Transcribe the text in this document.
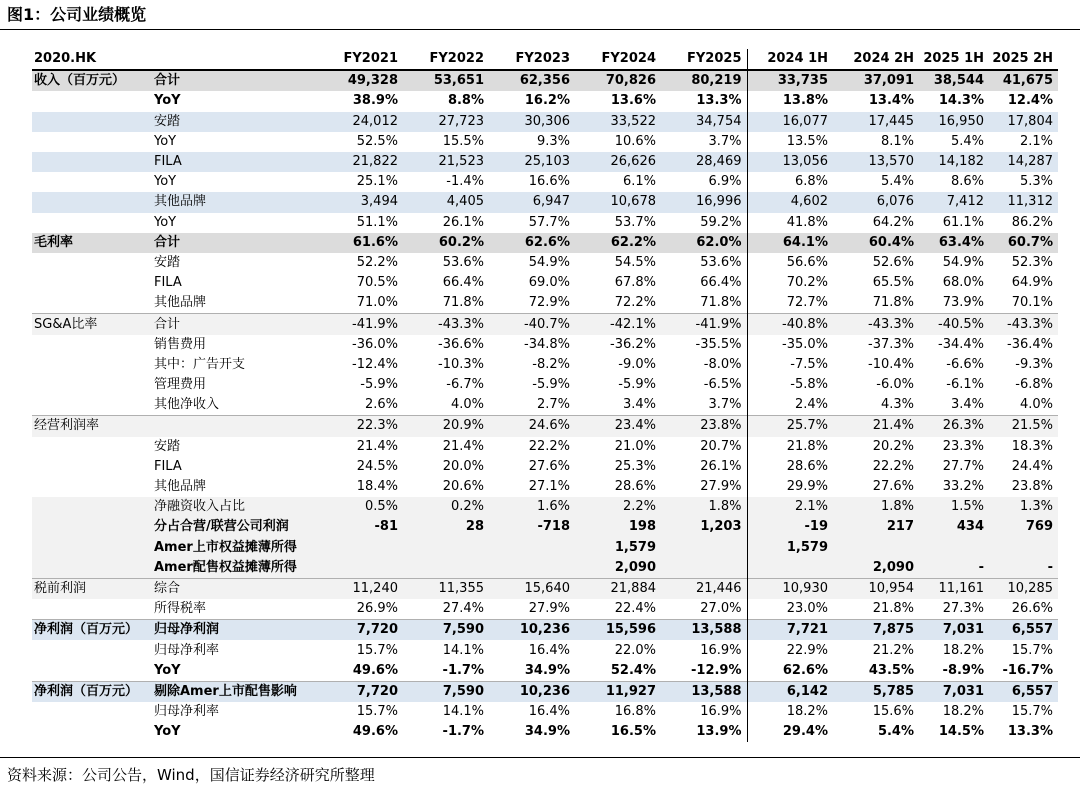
图1：公司业绩概览
2020.HK		FY2021	FY2022	FY2023	FY2024	FY2025	2024 1H	2024 2H	2025 1H	2025 2H
收入（百万元）	合计	49,328	53,651	62,356	70,826	80,219	33,735	37,091	38,544	41,675
	YoY	38.9%	8.8%	16.2%	13.6%	13.3%	13.8%	13.4%	14.3%	12.4%
	安踏	24,012	27,723	30,306	33,522	34,754	16,077	17,445	16,950	17,804
	YoY	52.5%	15.5%	9.3%	10.6%	3.7%	13.5%	8.1%	5.4%	2.1%
	FILA	21,822	21,523	25,103	26,626	28,469	13,056	13,570	14,182	14,287
	YoY	25.1%	-1.4%	16.6%	6.1%	6.9%	6.8%	5.4%	8.6%	5.3%
	其他品牌	3,494	4,405	6,947	10,678	16,996	4,602	6,076	7,412	11,312
	YoY	51.1%	26.1%	57.7%	53.7%	59.2%	41.8%	64.2%	61.1%	86.2%
毛利率	合计	61.6%	60.2%	62.6%	62.2%	62.0%	64.1%	60.4%	63.4%	60.7%
	安踏	52.2%	53.6%	54.9%	54.5%	53.6%	56.6%	52.6%	54.9%	52.3%
	FILA	70.5%	66.4%	69.0%	67.8%	66.4%	70.2%	65.5%	68.0%	64.9%
	其他品牌	71.0%	71.8%	72.9%	72.2%	71.8%	72.7%	71.8%	73.9%	70.1%
SG&A比率	合计	-41.9%	-43.3%	-40.7%	-42.1%	-41.9%	-40.8%	-43.3%	-40.5%	-43.3%
	销售费用	-36.0%	-36.6%	-34.8%	-36.2%	-35.5%	-35.0%	-37.3%	-34.4%	-36.4%
	其中：广告开支	-12.4%	-10.3%	-8.2%	-9.0%	-8.0%	-7.5%	-10.4%	-6.6%	-9.3%
	管理费用	-5.9%	-6.7%	-5.9%	-5.9%	-6.5%	-5.8%	-6.0%	-6.1%	-6.8%
	其他净收入	2.6%	4.0%	2.7%	3.4%	3.7%	2.4%	4.3%	3.4%	4.0%
经营利润率		22.3%	20.9%	24.6%	23.4%	23.8%	25.7%	21.4%	26.3%	21.5%
	安踏	21.4%	21.4%	22.2%	21.0%	20.7%	21.8%	20.2%	23.3%	18.3%
	FILA	24.5%	20.0%	27.6%	25.3%	26.1%	28.6%	22.2%	27.7%	24.4%
	其他品牌	18.4%	20.6%	27.1%	28.6%	27.9%	29.9%	27.6%	33.2%	23.8%
	净融资收入占比	0.5%	0.2%	1.6%	2.2%	1.8%	2.1%	1.8%	1.5%	1.3%
	分占合营/联营公司利润	-81	28	-718	198	1,203	-19	217	434	769
	Amer上市权益摊薄所得				1,579		1,579			
	Amer配售权益摊薄所得				2,090			2,090	-	-
税前利润	综合	11,240	11,355	15,640	21,884	21,446	10,930	10,954	11,161	10,285
	所得税率	26.9%	27.4%	27.9%	22.4%	27.0%	23.0%	21.8%	27.3%	26.6%
净利润（百万元）	归母净利润	7,720	7,590	10,236	15,596	13,588	7,721	7,875	7,031	6,557
	归母净利率	15.7%	14.1%	16.4%	22.0%	16.9%	22.9%	21.2%	18.2%	15.7%
	YoY	49.6%	-1.7%	34.9%	52.4%	-12.9%	62.6%	43.5%	-8.9%	-16.7%
净利润（百万元）	剔除Amer上市配售影响	7,720	7,590	10,236	11,927	13,588	6,142	5,785	7,031	6,557
	归母净利率	15.7%	14.1%	16.4%	16.8%	16.9%	18.2%	15.6%	18.2%	15.7%
	YoY	49.6%	-1.7%	34.9%	16.5%	13.9%	29.4%	5.4%	14.5%	13.3%
资料来源：公司公告，Wind，国信证券经济研究所整理
